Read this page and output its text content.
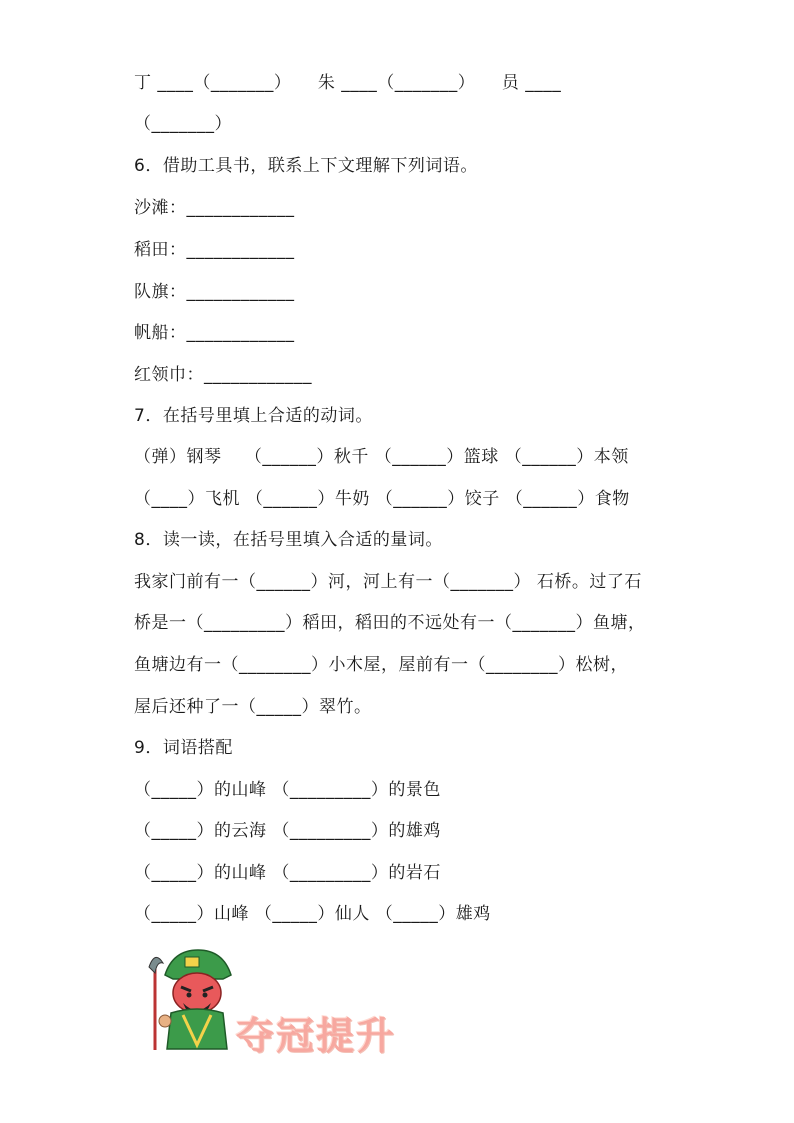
丁 ____（_______）　　朱 ____（_______）　　员 ____
（_______）
6．借助工具书，联系上下文理解下列词语。
沙滩：____________
稻田：____________
队旗：____________
帆船：____________
红领巾：____________
7．在括号里填上合适的动词。
（弹）钢琴　 （______）秋千 （______）篮球 （______）本领
（____）飞机 （______）牛奶 （______）饺子 （______）食物
8．读一读，在括号里填入合适的量词。
我家门前有一（______）河，河上有一（_______） 石桥。过了石
桥是一（_________）稻田，稻田的不远处有一（_______）鱼塘，
鱼塘边有一（________）小木屋，屋前有一（________）松树，
屋后还种了一（_____）翠竹。
9．词语搭配
（_____）的山峰 （_________）的景色
（_____）的云海 （_________）的雄鸡
（_____）的山峰 （_________）的岩石
（_____）山峰 （_____）仙人 （_____）雄鸡
夺冠提升
